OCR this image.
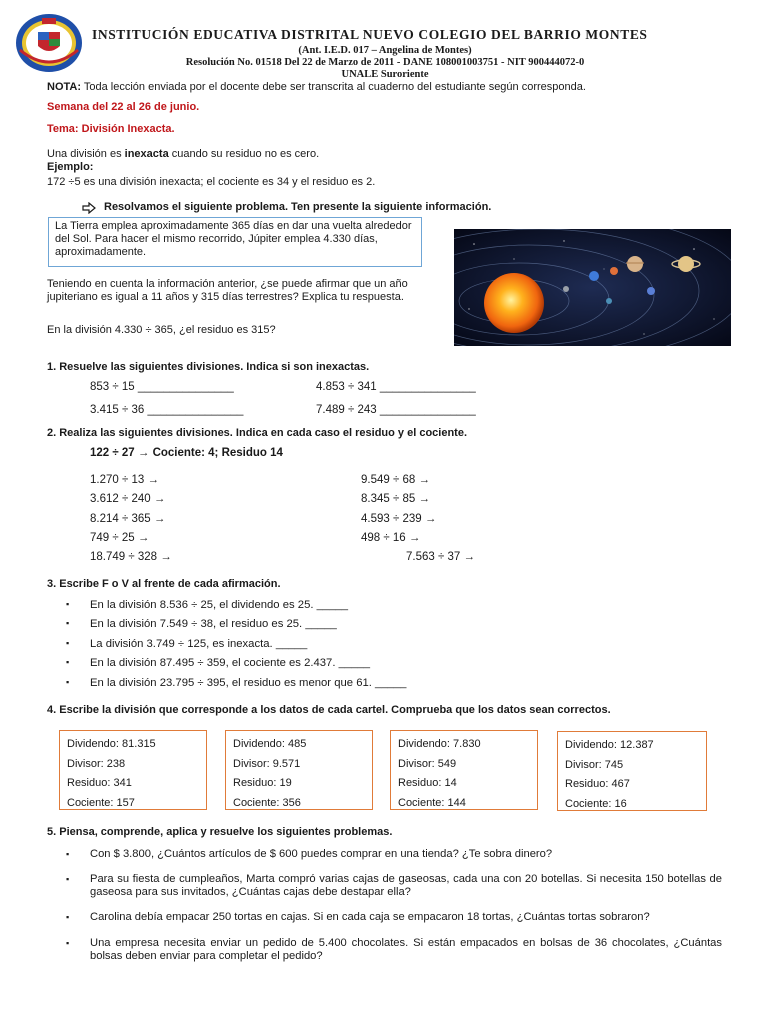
INSTITUCIÓN EDUCATIVA DISTRITAL NUEVO COLEGIO DEL BARRIO MONTES
(Ant. I.E.D. 017 – Angelina de Montes)
Resolución No. 01518 Del 22 de Marzo de 2011 - DANE 108001003751 - NIT 900444072-0
UNALE Suroriente
NOTA: Toda lección enviada por el docente debe ser transcrita al cuaderno del estudiante según corresponda.
Semana del 22 al 26 de junio.
Tema: División Inexacta.
Una división es inexacta cuando su residuo no es cero.
Ejemplo:
172 ÷5 es una división inexacta; el cociente es 34 y el residuo es 2.
Resolvamos el siguiente problema. Ten presente la siguiente información.
La Tierra emplea aproximadamente 365 días en dar una vuelta alrededor del Sol. Para hacer el mismo recorrido, Júpiter emplea 4.330 días, aproximadamente.
Teniendo en cuenta la información anterior, ¿se puede afirmar que un año jupiteriano es igual a 11 años y 315 días terrestres? Explica tu respuesta.
En la división 4.330 ÷ 365, ¿el residuo es 315?
1. Resuelve las siguientes divisiones. Indica si son inexactas.
853 ÷ 15 _______________	4.853 ÷ 341 _______________
3.415 ÷ 36 _______________	7.489 ÷ 243 _______________
2. Realiza las siguientes divisiones. Indica en cada caso el residuo y el cociente.
122 ÷ 27 → Cociente: 4; Residuo 14
1.270 ÷ 13 →
3.612 ÷ 240 →
8.214 ÷ 365 →
749 ÷ 25 →
18.749 ÷ 328 →
9.549 ÷ 68 →
8.345 ÷ 85 →
4.593 ÷ 239 →
498 ÷ 16 →
7.563 ÷ 37 →
3. Escribe F o V al frente de cada afirmación.
▪ En la división 8.536 ÷ 25, el dividendo es 25. _____
▪ En la división 7.549 ÷ 38, el residuo es 25. _____
▪ La división 3.749 ÷ 125, es inexacta. _____
▪ En la división 87.495 ÷ 359, el cociente es 2.437. _____
▪ En la división 23.795 ÷ 395, el residuo es menor que 61. _____
4. Escribe la división que corresponde a los datos de cada cartel. Comprueba que los datos sean correctos.
Dividendo: 81.315
Divisor: 238
Residuo: 341
Cociente: 157
Dividendo: 485
Divisor: 9.571
Residuo: 19
Cociente: 356
Dividendo: 7.830
Divisor: 549
Residuo: 14
Cociente: 144
Dividendo: 12.387
Divisor: 745
Residuo: 467
Cociente: 16
5. Piensa, comprende, aplica y resuelve los siguientes problemas.
▪ Con $ 3.800, ¿Cuántos artículos de $ 600 puedes comprar en una tienda? ¿Te sobra dinero?
▪ Para su fiesta de cumpleaños, Marta compró varias cajas de gaseosas, cada una con 20 botellas. Si necesita 150 botellas de gaseosa para sus invitados, ¿Cuántas cajas debe destapar ella?
▪ Carolina debía empacar 250 tortas en cajas. Si en cada caja se empacaron 18 tortas, ¿Cuántas tortas sobraron?
▪ Una empresa necesita enviar un pedido de 5.400 chocolates. Si están empacados en bolsas de 36 chocolates, ¿Cuántas bolsas deben enviar para completar el pedido?
